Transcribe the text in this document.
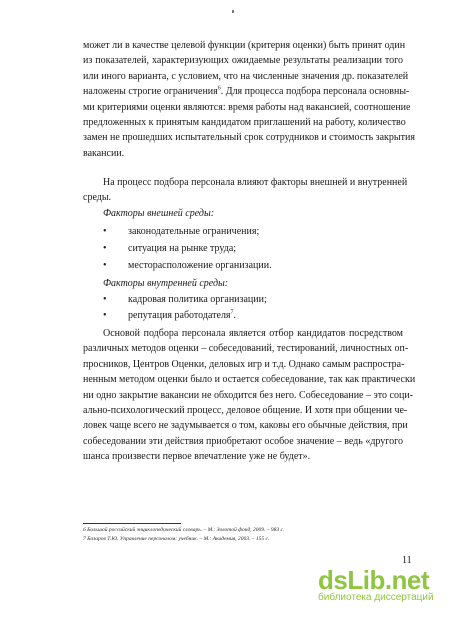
может ли в качестве целевой функции (критерия оценки) быть принят один
из показателей, характеризующих ожидаемые результаты реализации того
или иного варианта, с условием, что на численные значения др. показателей
наложены строгие ограничения$^6$. Для процесса подбора персонала основны-
ми критериями оценки являются: время работы над вакансией, соотношение
предложенных к принятым кандидатом приглашений на работу, количество
замен не прошедших испытательный срок сотрудников и стоимость закрытия
вакансии.
На процесс подбора персонала влияют факторы внешней и внутренней
среды.
Факторы внешней среды:
•	законодательные ограничения;
•	ситуация на рынке труда;
•	месторасположение организации.
Факторы внутренней среды:
•	кадровая политика организации;
•	репутация работодателя$^7$.
Основой подбора персонала является отбор кандидатов посредством
различных методов оценки – собеседований, тестирований, личностных оп-
просников, Центров Оценки, деловых игр и т.д. Однако самым распростра-
ненным методом оценки было и остается собеседование, так как практически
ни одно закрытие вакансии не обходится без него. Собеседование – это соци-
ально-психологический процесс, деловое общение. И хотя при общении че-
ловек чаще всего не задумывается о том, каковы его обычные действия, при
собеседовании эти действия приобретают особое значение – ведь «другого
шанса произвести первое впечатление уже не будет».
6 Большой российский энциклопедический словарь. – М.: Золотой фонд, 2009. – 983 с.
7 Базаров Т.Ю. Управление персоналом: учебник. – М.: Академия, 2003. – 155 с.
11
dsLib.net
библиотека диссертаций
